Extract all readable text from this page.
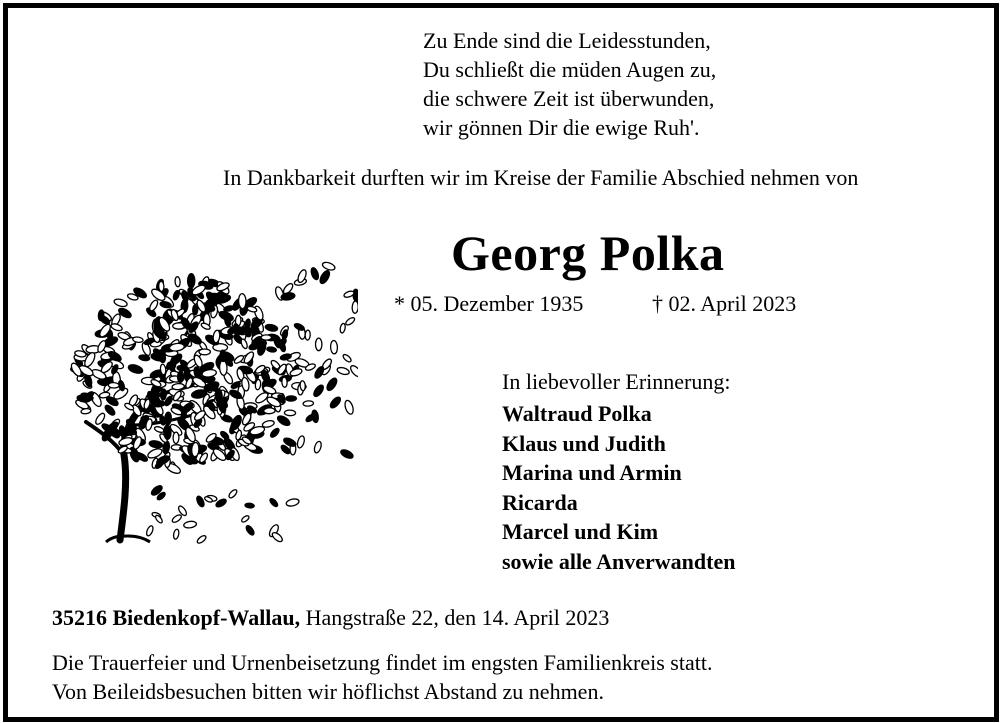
Zu Ende sind die Leidesstunden,
Du schließt die müden Augen zu,
die schwere Zeit ist überwunden,
wir gönnen Dir die ewige Ruh'.
In Dankbarkeit durften wir im Kreise der Familie Abschied nehmen von
Georg Polka
* 05. Dezember 1935	† 02. April 2023
In liebevoller Erinnerung:
Waltraud Polka
Klaus und Judith
Marina und Armin
Ricarda
Marcel und Kim
sowie alle Anverwandten
35216 Biedenkopf-Wallau, Hangstraße 22, den 14. April 2023
Die Trauerfeier und Urnenbeisetzung findet im engsten Familienkreis statt.
Von Beileidsbesuchen bitten wir höflichst Abstand zu nehmen.
